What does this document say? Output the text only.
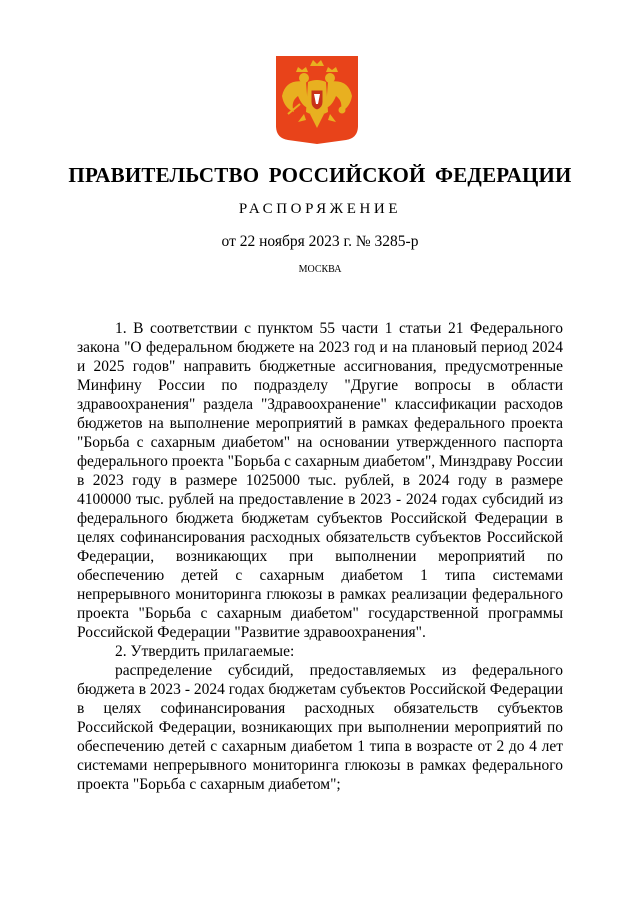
ПРАВИТЕЛЬСТВО РОССИЙСКОЙ ФЕДЕРАЦИИ
РАСПОРЯЖЕНИЕ
от 22 ноября 2023 г. № 3285-р
МОСКВА

1. В соответствии с пунктом 55 части 1 статьи 21 Федерального закона "О федеральном бюджете на 2023 год и на плановый период 2024 и 2025 годов" направить бюджетные ассигнования, предусмотренные Минфину России по подразделу "Другие вопросы в области здравоохранения" раздела "Здравоохранение" классификации расходов бюджетов на выполнение мероприятий в рамках федерального проекта "Борьба с сахарным диабетом" на основании утвержденного паспорта федерального проекта "Борьба с сахарным диабетом", Минздраву России в 2023 году в размере 1025000 тыс. рублей, в 2024 году в размере 4100000 тыс. рублей на предоставление в 2023 - 2024 годах субсидий из федерального бюджета бюджетам субъектов Российской Федерации в целях софинансирования расходных обязательств субъектов Российской Федерации, возникающих при выполнении мероприятий по обеспечению детей с сахарным диабетом 1 типа системами непрерывного мониторинга глюкозы в рамках реализации федерального проекта "Борьба с сахарным диабетом" государственной программы Российской Федерации "Развитие здравоохранения".

2. Утвердить прилагаемые:

распределение субсидий, предоставляемых из федерального бюджета в 2023 - 2024 годах бюджетам субъектов Российской Федерации в целях софинансирования расходных обязательств субъектов Российской Федерации, возникающих при выполнении мероприятий по обеспечению детей с сахарным диабетом 1 типа в возрасте от 2 до 4 лет системами непрерывного мониторинга глюкозы в рамках федерального проекта "Борьба с сахарным диабетом";
